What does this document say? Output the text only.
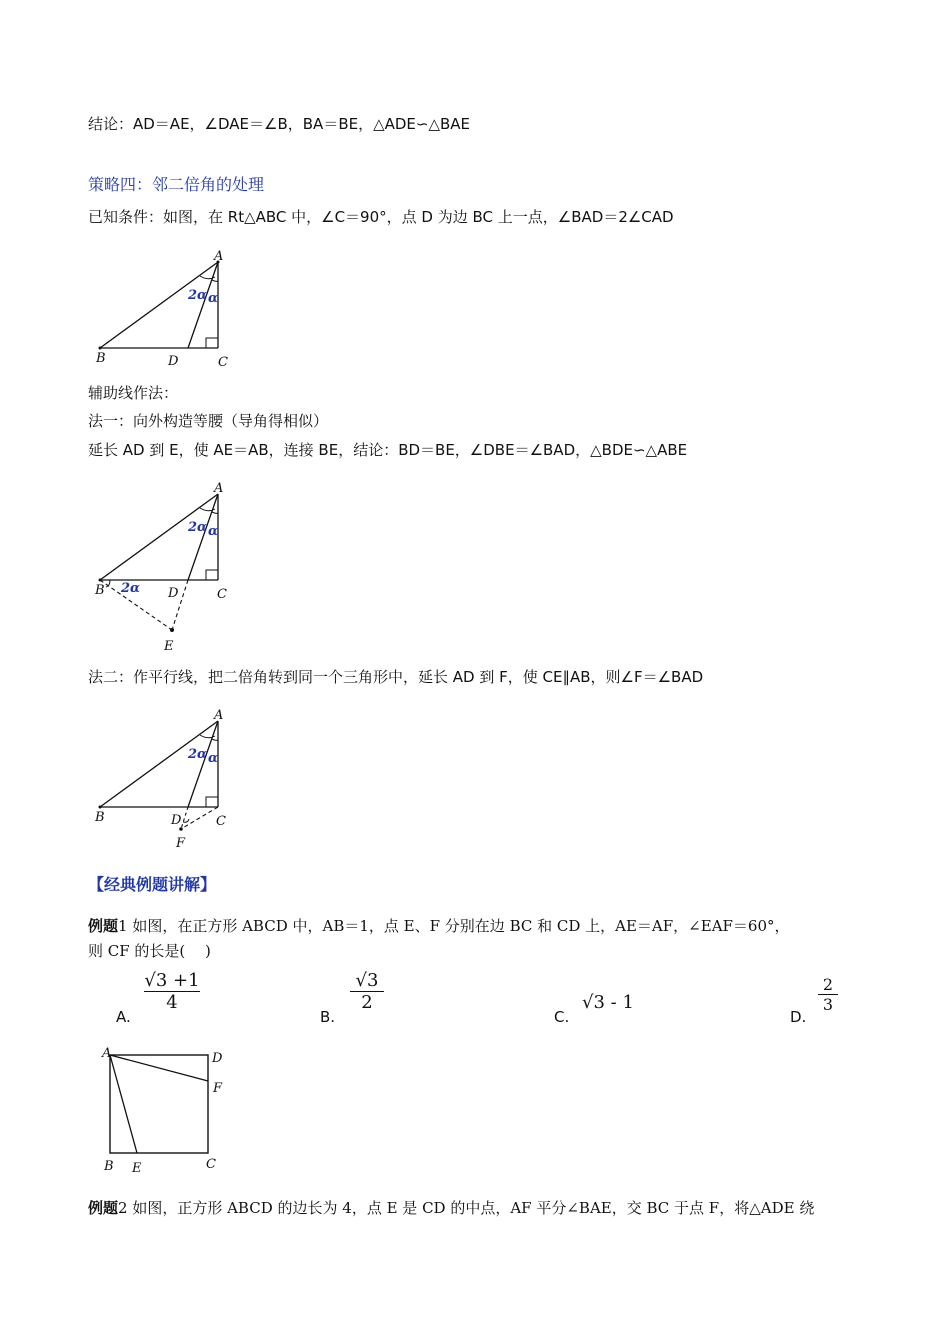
结论：AD＝AE，∠DAE＝∠B，BA＝BE，△ADE∽△BAE
策略四：邻二倍角的处理
已知条件：如图，在 Rt△ABC 中，∠C＝90°，点 D 为边 BC 上一点，∠BAD＝2∠CAD
A
B	D	C
2α α
辅助线作法：
法一：向外构造等腰（导角得相似）
延长 AD 到 E，使 AE＝AB，连接 BE，结论：BD＝BE，∠DBE＝∠BAD，△BDE∽△ABE
A
B	D	C
E
2α α
2α
法二：作平行线，把二倍角转到同一个三角形中，延长 AD 到 F，使 CE∥AB，则∠F＝∠BAD
A
B	D	C
F
2α α
【经典例题讲解】
例题1 如图，在正方形 ABCD 中，AB＝1，点 E、F 分别在边 BC 和 CD 上，AE＝AF，∠EAF＝60°，
则 CF 的长是(　 )
A.
$\frac{√3 +1}{4}$
B.
$\frac{√3}{2}$
C.
√3 - 1
D.
$\frac{2}{3}$
A	D
F
B E	C
例题2 如图，正方形 ABCD 的边长为 4，点 E 是 CD 的中点，AF 平分∠BAE，交 BC 于点 F，将△ADE 绕
